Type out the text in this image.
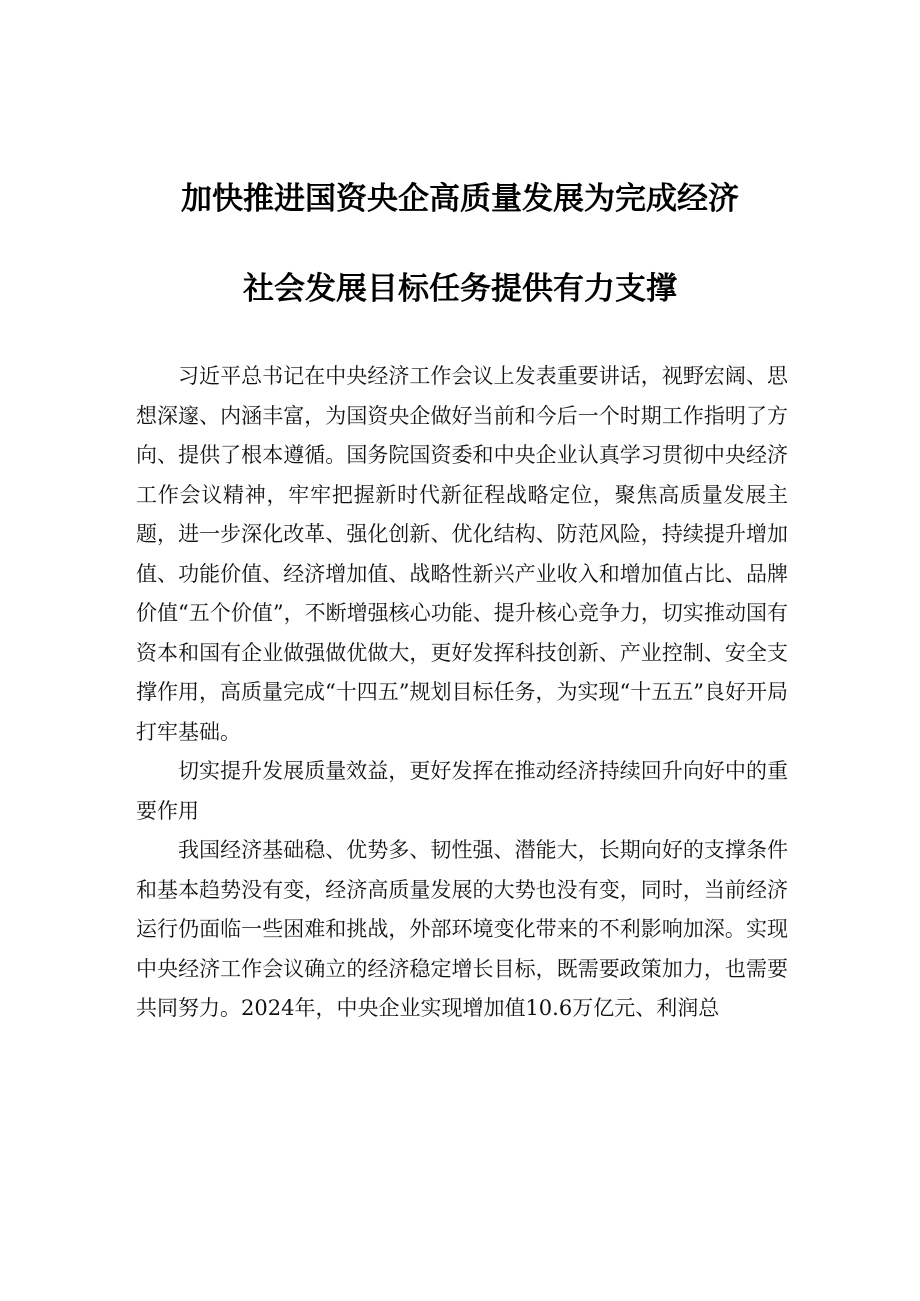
加快推进国资央企高质量发展为完成经济
社会发展目标任务提供有力支撑

习近平总书记在中央经济工作会议上发表重要讲话，视野宏阔、思想深邃、内涵丰富，为国资央企做好当前和今后一个时期工作指明了方向、提供了根本遵循。国务院国资委和中央企业认真学习贯彻中央经济工作会议精神，牢牢把握新时代新征程战略定位，聚焦高质量发展主题，进一步深化改革、强化创新、优化结构、防范风险，持续提升增加值、功能价值、经济增加值、战略性新兴产业收入和增加值占比、品牌价值“五个价值”，不断增强核心功能、提升核心竞争力，切实推动国有资本和国有企业做强做优做大，更好发挥科技创新、产业控制、安全支撑作用，高质量完成“十四五”规划目标任务，为实现“十五五”良好开局打牢基础。

切实提升发展质量效益，更好发挥在推动经济持续回升向好中的重要作用

我国经济基础稳、优势多、韧性强、潜能大，长期向好的支撑条件和基本趋势没有变，经济高质量发展的大势也没有变，同时，当前经济运行仍面临一些困难和挑战，外部环境变化带来的不利影响加深。实现中央经济工作会议确立的经济稳定增长目标，既需要政策加力，也需要共同努力。2024年，中央企业实现增加值10.6万亿元、利润总
